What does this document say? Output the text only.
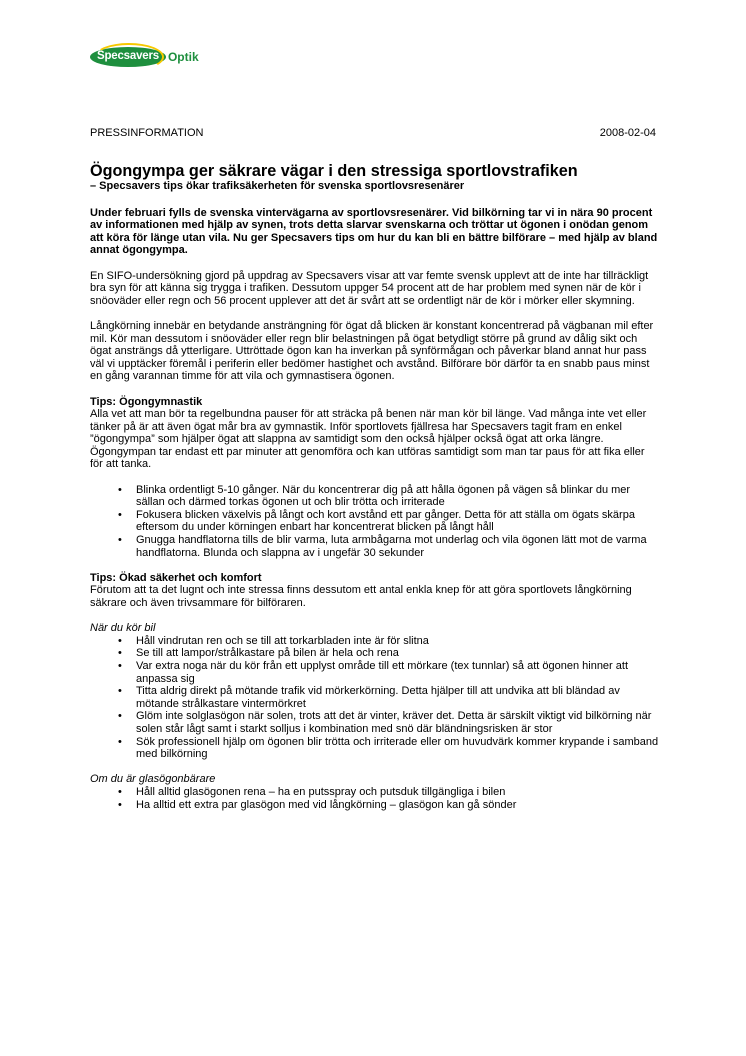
Specsavers Optik
PRESSINFORMATION	2008-02-04
Ögongympa ger säkrare vägar i den stressiga sportlovstrafiken
– Specsavers tips ökar trafiksäkerheten för svenska sportlovsresenärer

Under februari fylls de svenska vintervägarna av sportlovsresenärer. Vid bilkörning tar vi in nära 90 procent av informationen med hjälp av synen, trots detta slarvar svenskarna och tröttar ut ögonen i onödan genom att köra för länge utan vila. Nu ger Specsavers tips om hur du kan bli en bättre bilförare – med hjälp av bland annat ögongympa.

En SIFO-undersökning gjord på uppdrag av Specsavers visar att var femte svensk upplevt att de inte har tillräckligt bra syn för att känna sig trygga i trafiken. Dessutom uppger 54 procent att de har problem med synen när de kör i snöoväder eller regn och 56 procent upplever att det är svårt att se ordentligt när de kör i mörker eller skymning.

Långkörning innebär en betydande ansträngning för ögat då blicken är konstant koncentrerad på vägbanan mil efter mil. Kör man dessutom i snöoväder eller regn blir belastningen på ögat betydligt större på grund av dålig sikt och ögat ansträngs då ytterligare. Uttröttade ögon kan ha inverkan på synförmågan och påverkar bland annat hur pass väl vi upptäcker föremål i periferin eller bedömer hastighet och avstånd. Bilförare bör därför ta en snabb paus minst en gång varannan timme för att vila och gymnastisera ögonen.

Tips: Ögongymnastik

Alla vet att man bör ta regelbundna pauser för att sträcka på benen när man kör bil länge. Vad många inte vet eller tänker på är att även ögat mår bra av gymnastik. Inför sportlovets fjällresa har Specsavers tagit fram en enkel ”ögongympa” som hjälper ögat att slappna av samtidigt som den också hjälper också ögat att orka längre. Ögongympan tar endast ett par minuter att genomföra och kan utföras samtidigt som man tar paus för att fika eller för att tanka.

• Blinka ordentligt 5-10 gånger. När du koncentrerar dig på att hålla ögonen på vägen så blinkar du mer sällan och därmed torkas ögonen ut och blir trötta och irriterade
• Fokusera blicken växelvis på långt och kort avstånd ett par gånger. Detta för att ställa om ögats skärpa eftersom du under körningen enbart har koncentrerat blicken på långt håll
• Gnugga handflatorna tills de blir varma, luta armbågarna mot underlag och vila ögonen lätt mot de varma handflatorna. Blunda och slappna av i ungefär 30 sekunder
Tips: Ökad säkerhet och komfort

Förutom att ta det lugnt och inte stressa finns dessutom ett antal enkla knep för att göra sportlovets långkörning säkrare och även trivsammare för bilföraren.

När du kör bil
• Håll vindrutan ren och se till att torkarbladen inte är för slitna
• Se till att lampor/strålkastare på bilen är hela och rena
• Var extra noga när du kör från ett upplyst område till ett mörkare (tex tunnlar) så att ögonen hinner att anpassa sig
• Titta aldrig direkt på mötande trafik vid mörkerkörning. Detta hjälper till att undvika att bli bländad av mötande strålkastare vintermörkret
• Glöm inte solglasögon när solen, trots att det är vinter, kräver det. Detta är särskilt viktigt vid bilkörning när solen står lågt samt i starkt solljus i kombination med snö där bländningsrisken är stor
• Sök professionell hjälp om ögonen blir trötta och irriterade eller om huvudvärk kommer krypande i samband med bilkörning
Om du är glasögonbärare
• Håll alltid glasögonen rena – ha en putsspray och putsduk tillgängliga i bilen
• Ha alltid ett extra par glasögon med vid långkörning – glasögon kan gå sönder
